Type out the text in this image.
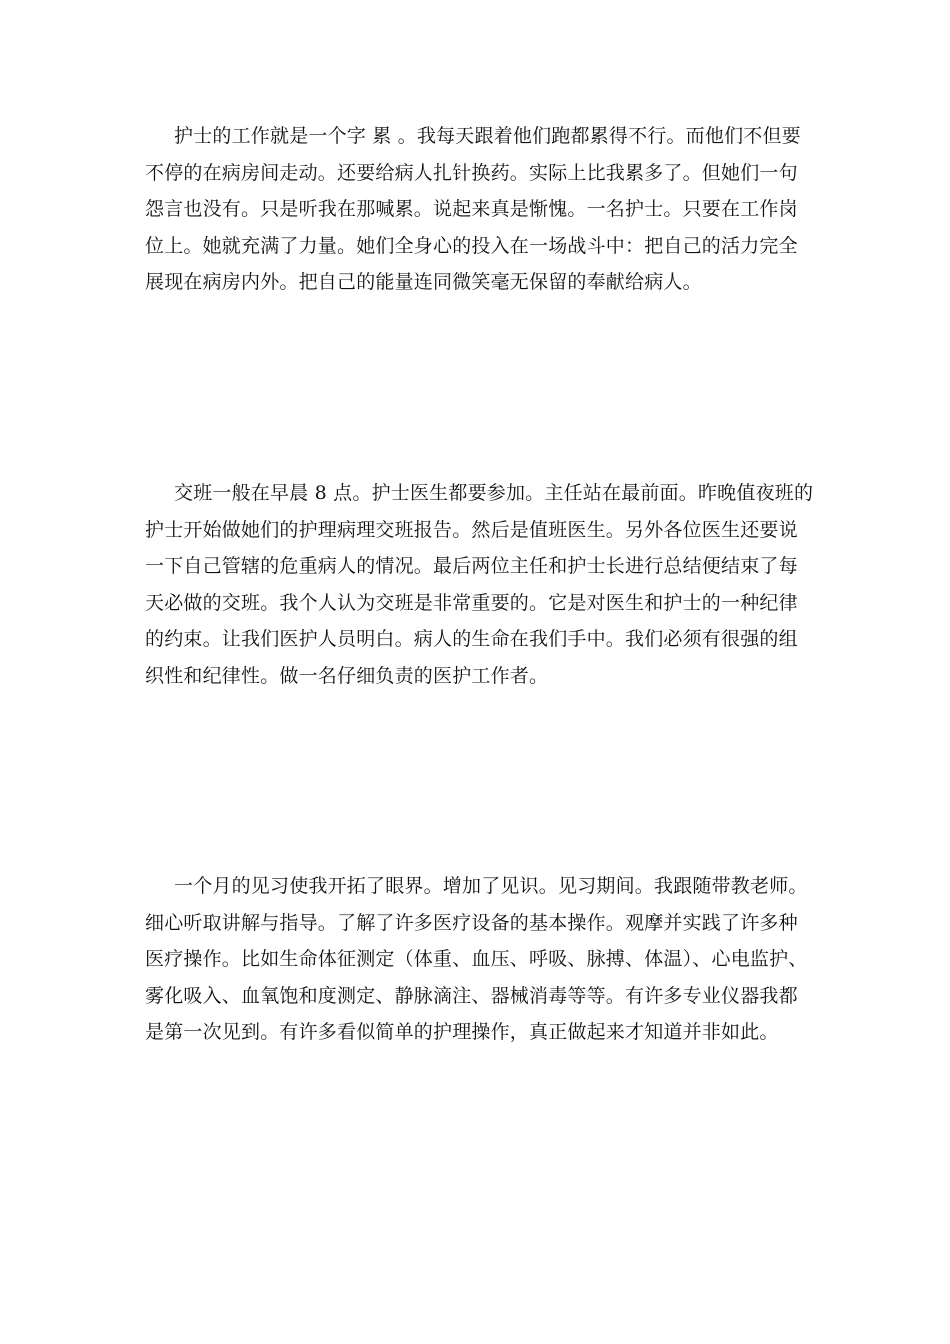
护士的工作就是一个字 累 。我每天跟着他们跑都累得不行。而他们不但要
不停的在病房间走动。还要给病人扎针换药。实际上比我累多了。但她们一句
怨言也没有。只是听我在那喊累。说起来真是惭愧。一名护士。只要在工作岗
位上。她就充满了力量。她们全身心的投入在一场战斗中：把自己的活力完全
展现在病房内外。把自己的能量连同微笑毫无保留的奉献给病人。
交班一般在早晨 8 点。护士医生都要参加。主任站在最前面。昨晚值夜班的
护士开始做她们的护理病理交班报告。然后是值班医生。另外各位医生还要说
一下自己管辖的危重病人的情况。最后两位主任和护士长进行总结便结束了每
天必做的交班。我个人认为交班是非常重要的。它是对医生和护士的一种纪律
的约束。让我们医护人员明白。病人的生命在我们手中。我们必须有很强的组
织性和纪律性。做一名仔细负责的医护工作者。
一个月的见习使我开拓了眼界。增加了见识。见习期间。我跟随带教老师。
细心听取讲解与指导。了解了许多医疗设备的基本操作。观摩并实践了许多种
医疗操作。比如生命体征测定（体重、血压、呼吸、脉搏、体温）、心电监护、
雾化吸入、血氧饱和度测定、静脉滴注、器械消毒等等。有许多专业仪器我都
是第一次见到。有许多看似简单的护理操作，真正做起来才知道并非如此。
